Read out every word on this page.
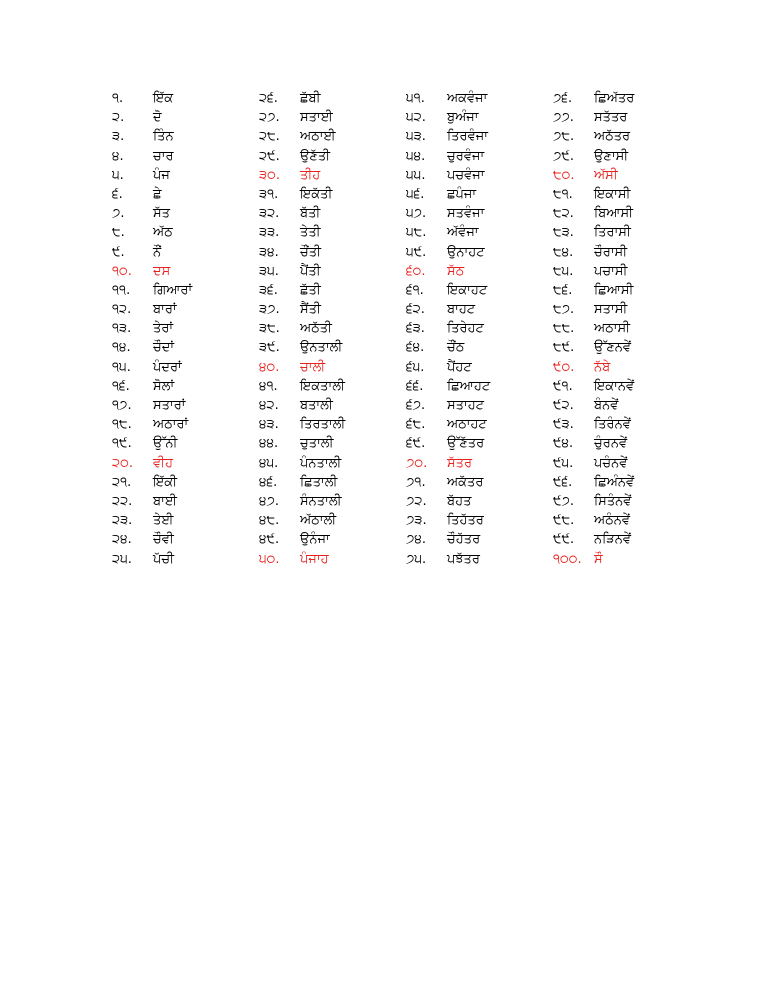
੧.	ਇੱਕ
੨.	ਦੋ
੩.	ਤਿੰਨ
੪.	ਚਾਰ
੫.	ਪੰਜ
੬.	ਛੇ
੭.	ਸੱਤ
੮.	ਅੱਠ
੯.	ਨੌਂ
੧੦.	ਦਸ
੧੧.	ਗਿਆਰਾਂ
੧੨.	ਬਾਰਾਂ
੧੩.	ਤੇਰਾਂ
੧੪.	ਚੌਦਾਂ
੧੫.	ਪੰਦਰਾਂ
੧੬.	ਸੋਲਾਂ
੧੭.	ਸਤਾਰਾਂ
੧੮.	ਅਠਾਰਾਂ
੧੯.	ਉੱਨੀ
੨੦.	ਵੀਹ
੨੧.	ਇੱਕੀ
੨੨.	ਬਾਈ
੨੩.	ਤੇਈ
੨੪.	ਚੌਵੀ
੨੫.	ਪੱਚੀ
੨੬.	ਛੱਬੀ
੨੭.	ਸਤਾਈ
੨੮.	ਅਠਾਈ
੨੯.	ਉਣੱਤੀ
੩੦.	ਤੀਹ
੩੧.	ਇਕੱਤੀ
੩੨.	ਬੱਤੀ
੩੩.	ਤੇਤੀ
੩੪.	ਚੌਂਤੀ
੩੫.	ਪੈਂਤੀ
੩੬.	ਛੱਤੀ
੩੭.	ਸੈਂਤੀ
੩੮.	ਅਠੱਤੀ
੩੯.	ਉਨਤਾਲੀ
੪੦.	ਚਾਲੀ
੪੧.	ਇਕਤਾਲੀ
੪੨.	ਬਤਾਲੀ
੪੩.	ਤਿਰਤਾਲੀ
੪੪.	ਚੁਤਾਲੀ
੪੫.	ਪੰਨਤਾਲੀ
੪੬.	ਛਿਤਾਲੀ
੪੭.	ਸੰਨਤਾਲੀ
੪੮.	ਅੱਠਾਲੀ
੪੯.	ਉਨੰਜਾ
੫੦.	ਪੰਜਾਹ
੫੧.	ਅਕਵੰਜਾ
੫੨.	ਬੁਅੰਜਾ
੫੩.	ਤਿਰਵੰਜਾ
੫੪.	ਚੁਰਵੰਜਾ
੫੫.	ਪਚਵੰਜਾ
੫੬.	ਛਪੰਜਾ
੫੭.	ਸਤਵੰਜਾ
੫੮.	ਅੱਵੰਜਾ
੫੯.	ਉਨਾਹਟ
੬੦.	ਸੱਠ
੬੧.	ਇਕਾਹਟ
੬੨.	ਬਾਹਟ
੬੩.	ਤਿਰੇਹਟ
੬੪.	ਚੌਂਠ
੬੫.	ਪੈਂਹਟ
੬੬.	ਛਿਆਹਟ
੬੭.	ਸਤਾਹਟ
੬੮.	ਅਠਾਹਟ
੬੯.	ਉੱਣੱਤਰ
੭੦.	ਸੱਤਰ
੭੧.	ਅਕੱਤਰ
੭੨.	ਬੱਹਤ
੭੩.	ਤਿਹੱਤਰ
੭੪.	ਚੌਹੱਤਰ
੭੫.	ਪਝੱਤਰ
੭੬.	ਛਿਅੱਤਰ
੭੭.	ਸਤੱਤਰ
੭੮.	ਅਠੱਤਰ
੭੯.	ਉਣਾਸੀ
੮੦.	ਅੱਸੀ
੮੧.	ਇਕਾਸੀ
੮੨.	ਬਿਆਸੀ
੮੩.	ਤਿਰਾਸੀ
੮੪.	ਚੌਰਾਸੀ
੮੫.	ਪਚਾਸੀ
੮੬.	ਛਿਆਸੀ
੮੭.	ਸਤਾਸੀ
੮੮.	ਅਠਾਸੀ
੮੯.	ਉੱਣਨਵੇਂ
੯੦.	ਨੱਬੇ
੯੧.	ਇਕਾਨਵੇਂ
੯੨.	ਬੰਨਵੇਂ
੯੩.	ਤਿਰੰਨਵੇਂ
੯੪.	ਚੁੰਰਨਵੇਂ
੯੫.	ਪਚੰਨਵੇਂ
੯੬.	ਛਿਅੰਨਵੇਂ
੯੭.	ਸਿਤੰਨਵੇਂ
੯੮.	ਅਠੰਨਵੇਂ
੯੯.	ਨੜਿਨਵੇਂ
੧੦੦. ਸੌ
